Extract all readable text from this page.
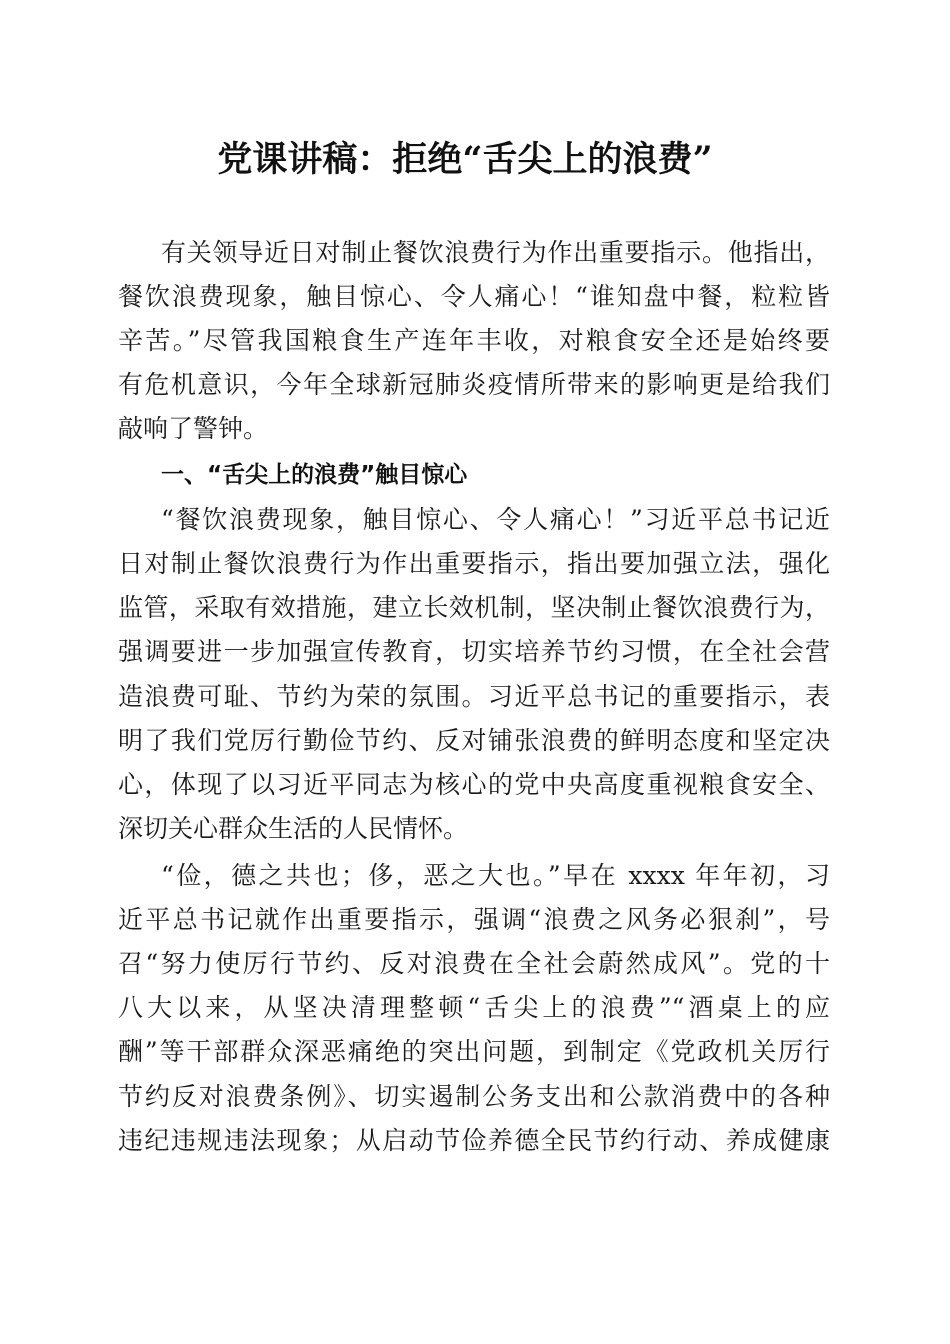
党课讲稿：拒绝“舌尖上的浪费”

有关领导近日对制止餐饮浪费行为作出重要指示。他指出，

餐饮浪费现象，触目惊心、令人痛心！“谁知盘中餐，粒粒皆

辛苦。”尽管我国粮食生产连年丰收，对粮食安全还是始终要

有危机意识，今年全球新冠肺炎疫情所带来的影响更是给我们

敲响了警钟。

一、“舌尖上的浪费”触目惊心

“餐饮浪费现象，触目惊心、令人痛心！”习近平总书记近

日对制止餐饮浪费行为作出重要指示，指出要加强立法，强化

监管，采取有效措施，建立长效机制，坚决制止餐饮浪费行为，

强调要进一步加强宣传教育，切实培养节约习惯，在全社会营

造浪费可耻、节约为荣的氛围。习近平总书记的重要指示，表

明了我们党厉行勤俭节约、反对铺张浪费的鲜明态度和坚定决

心，体现了以习近平同志为核心的党中央高度重视粮食安全、

深切关心群众生活的人民情怀。

“俭，德之共也；侈，恶之大也。”早在 xxxx 年年初，习

近平总书记就作出重要指示，强调“浪费之风务必狠刹”，号

召“努力使厉行节约、反对浪费在全社会蔚然成风”。党的十

八大以来，从坚决清理整顿“舌尖上的浪费”“酒桌上的应

酬”等干部群众深恶痛绝的突出问题，到制定《党政机关厉行

节约反对浪费条例》、切实遏制公务支出和公款消费中的各种

违纪违规违法现象；从启动节俭养德全民节约行动、养成健康
